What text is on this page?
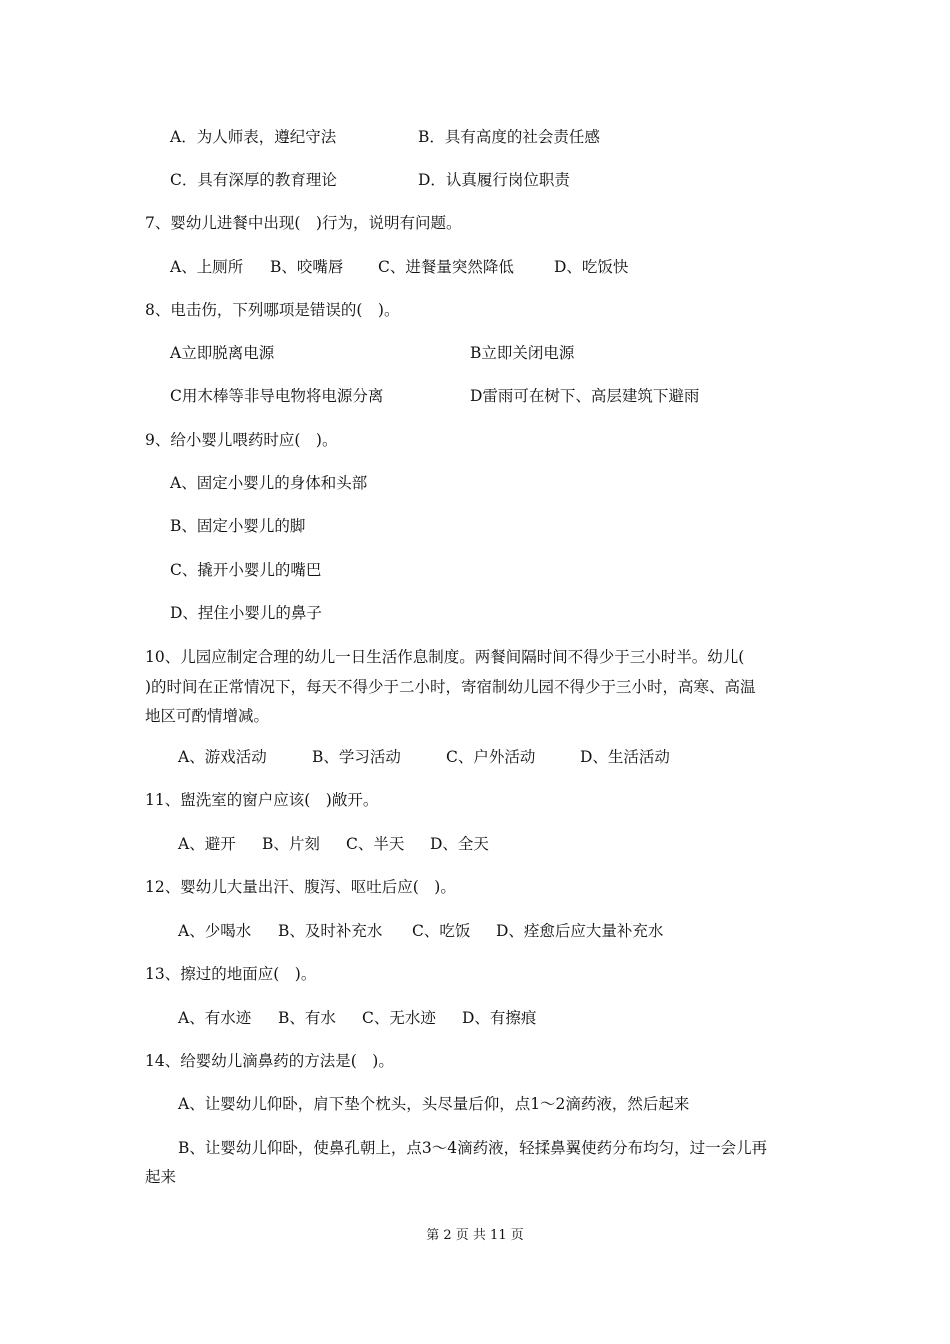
A．为人师表，遵纪守法	B．具有高度的社会责任感
C．具有深厚的教育理论	D．认真履行岗位职责
7、婴幼儿进餐中出现(　)行为，说明有问题。
A、上厕所 B、咬嘴唇 C、进餐量突然降低	D、吃饭快
8、电击伤，下列哪项是错误的(　)。
A立即脱离电源	B立即关闭电源
C用木棒等非导电物将电源分离	D雷雨可在树下、高层建筑下避雨
9、给小婴儿喂药时应(　)。
A、固定小婴儿的身体和头部
B、固定小婴儿的脚
C、撬开小婴儿的嘴巴
D、捏住小婴儿的鼻子
10、儿园应制定合理的幼儿一日生活作息制度。两餐间隔时间不得少于三小时半。幼儿(
)的时间在正常情况下，每天不得少于二小时，寄宿制幼儿园不得少于三小时，高寒、高温
地区可酌情增减。
A、游戏活动	B、学习活动	C、户外活动	D、生活活动
11、盥洗室的窗户应该(　)敞开。
A、避开 B、片刻 C、半天 D、全天
12、婴幼儿大量出汗、腹泻、呕吐后应(　)。
A、少喝水 B、及时补充水 C、吃饭 D、痊愈后应大量补充水
13、擦过的地面应(　)。
A、有水迹 B、有水 C、无水迹 D、有擦痕
14、给婴幼儿滴鼻药的方法是(　)。
A、让婴幼儿仰卧，肩下垫个枕头，头尽量后仰，点1～2滴药液，然后起来
B、让婴幼儿仰卧，使鼻孔朝上，点3～4滴药液，轻揉鼻翼使药分布均匀，过一会儿再
起来
第 2 页 共 11 页
